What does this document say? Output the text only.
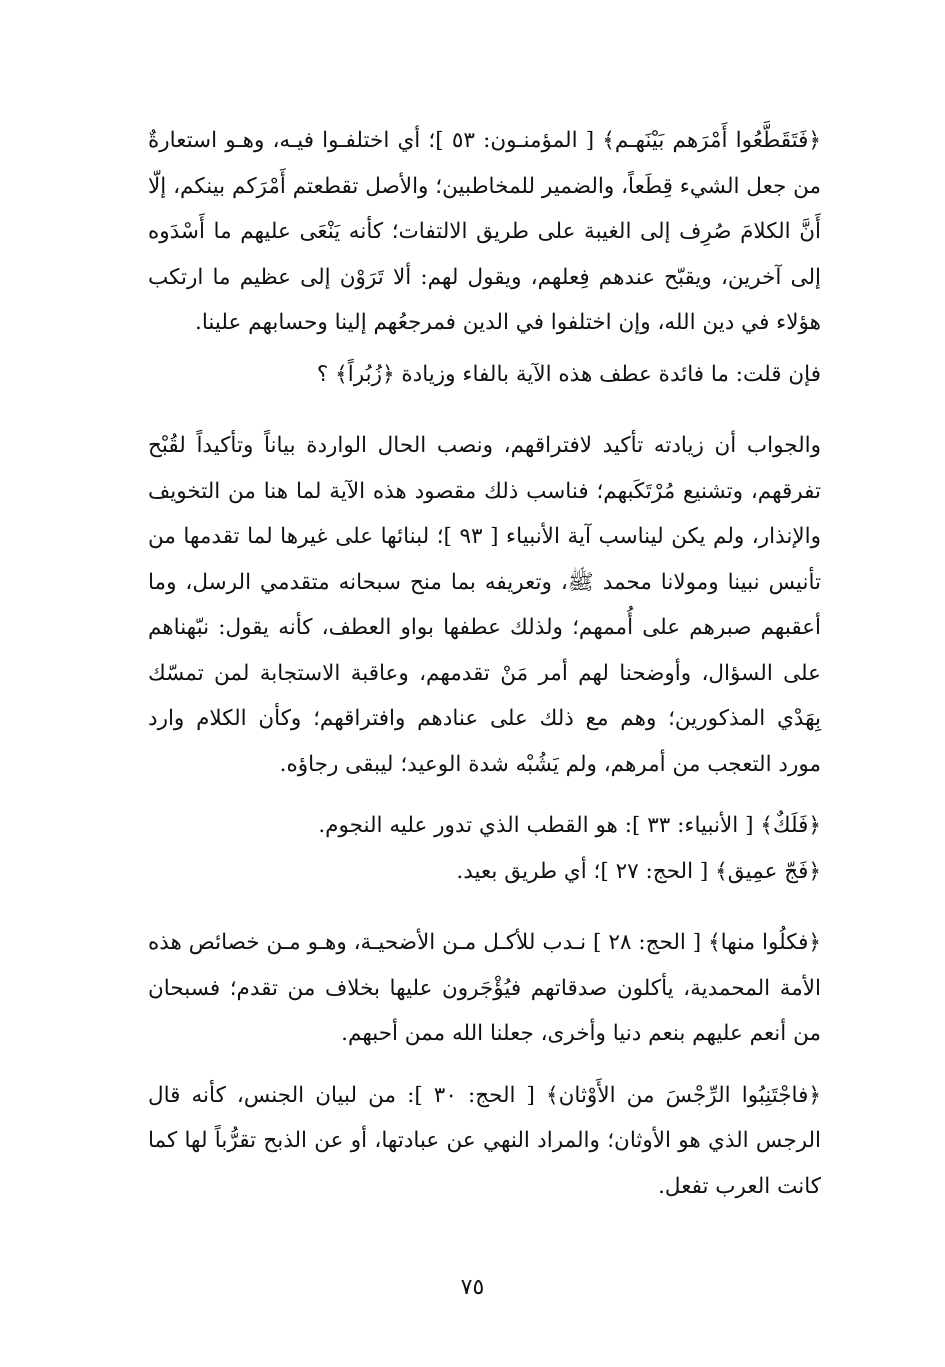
﴿فَتَقَطَّعُوا أَمْرَهم بَيْنَهـم﴾ [ المؤمنـون: ٥٣ ]؛ أي اختلفـوا فيـه، وهـو استعارةٌ من جعل الشيء قِطَعاً، والضمير للمخاطبين؛ والأصل تقطعتم أَمْرَكم بينكم، إلّا أَنَّ الكلامَ صُرِف إلى الغيبة على طريق الالتفات؛ كأنه يَنْعَى عليهم ما أَسْدَوه إلى آخرين، ويقبّح عندهم فِعلهم، ويقول لهم: ألا تَرَوْن إلى عظيم ما ارتكب هؤلاء في دين الله، وإن اختلفوا في الدين فمرجعُهم إلينا وحسابهم علينا.

فإن قلت: ما فائدة عطف هذه الآية بالفاء وزيادة ﴿زُبُراً﴾ ؟

والجواب أن زيادته تأكيد لافتراقهم، ونصب الحال الواردة بياناً وتأكيداً لقُبْح تفرقهم، وتشنيع مُرْتَكَبهم؛ فناسب ذلك مقصود هذه الآية لما هنا من التخويف والإنذار، ولم يكن ليناسب آية الأنبياء [ ٩٣ ]؛ لبنائها على غيرها لما تقدمها من تأنيس نبينا ومولانا محمد ﷺ، وتعريفه بما منح سبحانه متقدمي الرسل، وما أعقبهم صبرهم على أُممهم؛ ولذلك عطفها بواو العطف، كأنه يقول: نبّهناهم على السؤال، وأوضحنا لهم أمر مَنْ تقدمهم، وعاقبة الاستجابة لمن تمسّك بِهَدْي المذكورين؛ وهم مع ذلك على عنادهم وافتراقهم؛ وكأن الكلام وارد مورد التعجب من أمرهم، ولم يَشُبْه شدة الوعيد؛ ليبقى رجاؤه.

﴿فَلَكٌ﴾ [ الأنبياء: ٣٣ ]: هو القطب الذي تدور عليه النجوم.

﴿فَجّ عمِيق﴾ [ الحج: ٢٧ ]؛ أي طريق بعيد.

﴿فكلُوا منها﴾ [ الحج: ٢٨ ] نـدب للأكـل مـن الأضحيـة، وهـو مـن خصائص هذه الأمة المحمدية، يأكلون صدقاتهم فيُؤْجَرون عليها بخلاف من تقدم؛ فسبحان من أنعم عليهم بنعم دنيا وأخرى، جعلنا الله ممن أحبهم.

﴿فاجْتَنِبُوا الرِّجْسَ من الأَوْثان﴾ [ الحج: ٣٠ ]: من لبيان الجنس، كأنه قال الرجس الذي هو الأوثان؛ والمراد النهي عن عبادتها، أو عن الذبح تقرُّباً لها كما كانت العرب تفعل.

٧٥
